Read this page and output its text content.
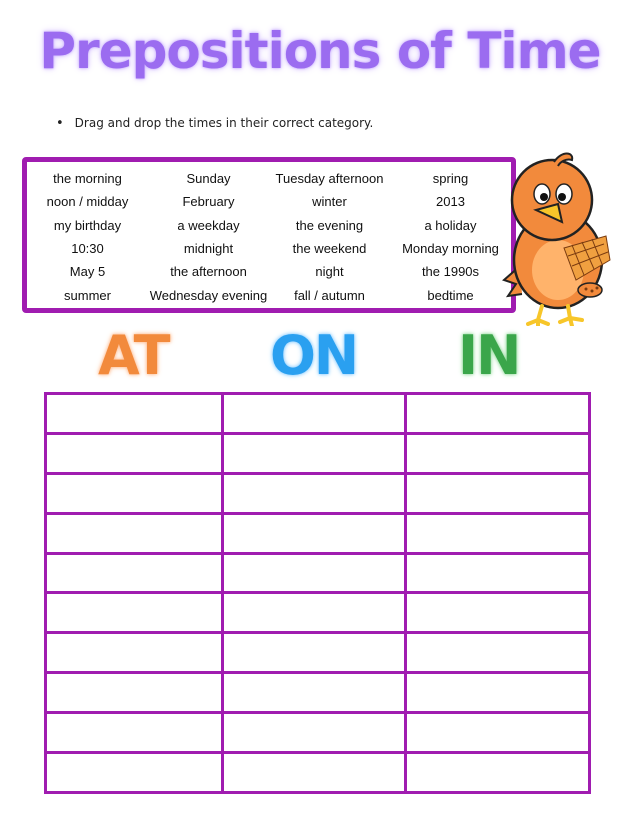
Prepositions of Time
• Drag and drop the times in their correct category.
the morning	Sunday	Tuesday afternoon	spring
noon / midday	February	winter	2013
my birthday	a weekday	the evening	a holiday
10:30	midnight	the weekend	Monday morning
May 5	the afternoon	night	the 1990s
summer	Wednesday evening	fall / autumn	bedtime
AT ON IN
